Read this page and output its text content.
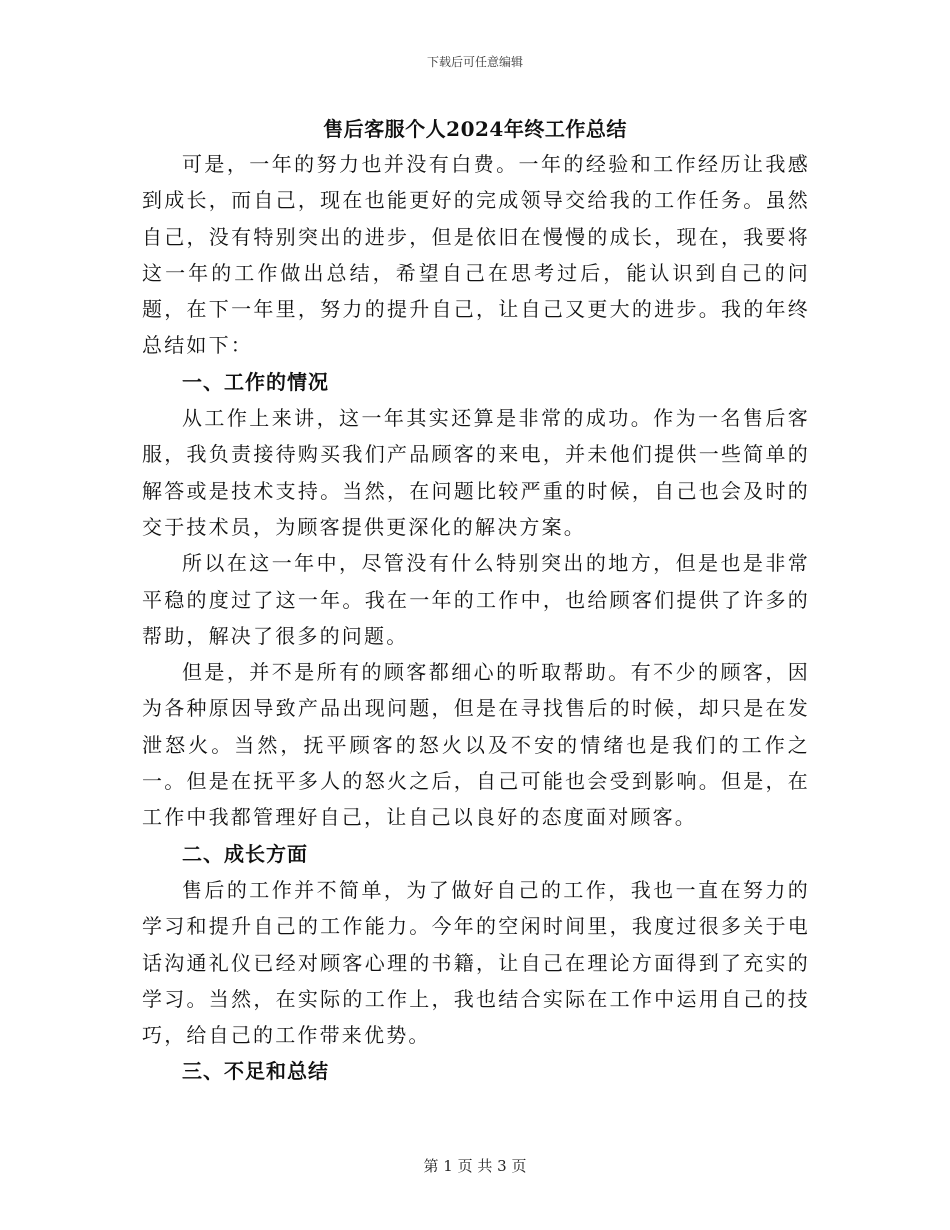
下载后可任意编辑
售后客服个人2024年终工作总结

可是，一年的努力也并没有白费。一年的经验和工作经历让我感到成长，而自己，现在也能更好的完成领导交给我的工作任务。虽然自己，没有特别突出的进步，但是依旧在慢慢的成长，现在，我要将这一年的工作做出总结，希望自己在思考过后，能认识到自己的问题，在下一年里，努力的提升自己，让自己又更大的进步。我的年终总结如下：

一、工作的情况

从工作上来讲，这一年其实还算是非常的成功。作为一名售后客服，我负责接待购买我们产品顾客的来电，并未他们提供一些简单的解答或是技术支持。当然，在问题比较严重的时候，自己也会及时的交于技术员，为顾客提供更深化的解决方案。

所以在这一年中，尽管没有什么特别突出的地方，但是也是非常平稳的度过了这一年。我在一年的工作中，也给顾客们提供了许多的帮助，解决了很多的问题。

但是，并不是所有的顾客都细心的听取帮助。有不少的顾客，因为各种原因导致产品出现问题，但是在寻找售后的时候，却只是在发泄怒火。当然，抚平顾客的怒火以及不安的情绪也是我们的工作之一。但是在抚平多人的怒火之后，自己可能也会受到影响。但是，在工作中我都管理好自己，让自己以良好的态度面对顾客。

二、成长方面

售后的工作并不简单，为了做好自己的工作，我也一直在努力的学习和提升自己的工作能力。今年的空闲时间里，我度过很多关于电话沟通礼仪已经对顾客心理的书籍，让自己在理论方面得到了充实的学习。当然，在实际的工作上，我也结合实际在工作中运用自己的技巧，给自己的工作带来优势。

三、不足和总结

第 1 页 共 3 页
